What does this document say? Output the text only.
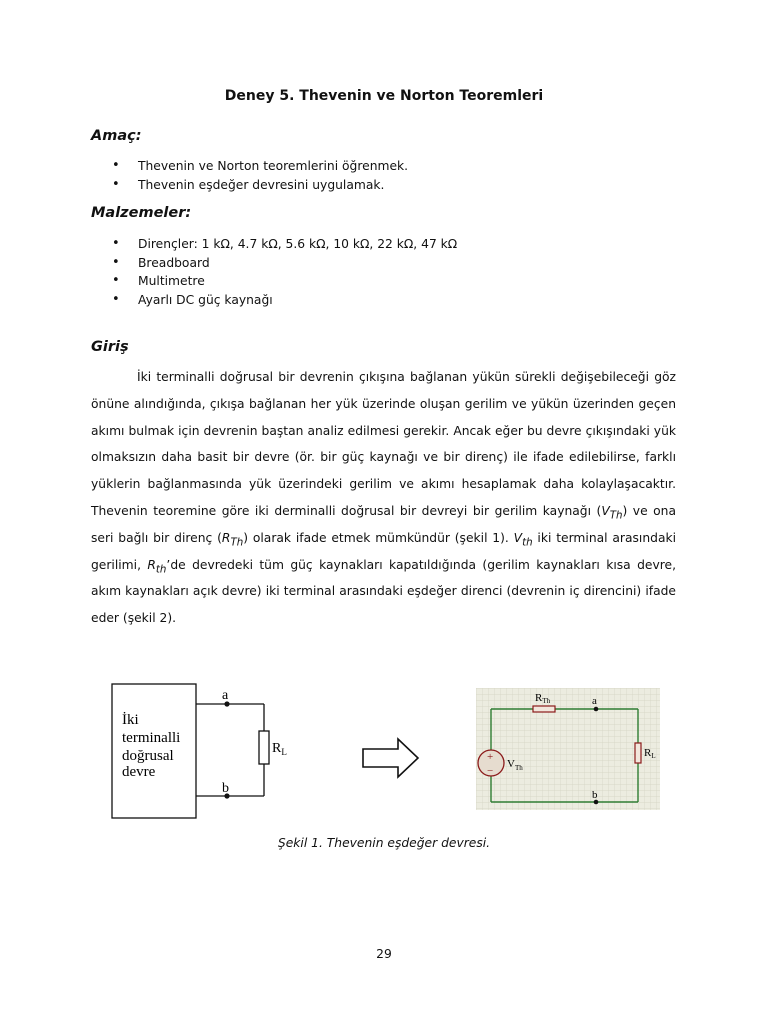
Deney 5. Thevenin ve Norton Teoremleri
Amaç:
• Thevenin ve Norton teoremlerini öğrenmek.
• Thevenin eşdeğer devresini uygulamak.
Malzemeler:
• Dirençler: 1 kΩ, 4.7 kΩ, 5.6 kΩ, 10 kΩ, 22 kΩ, 47 kΩ
• Breadboard
• Multimetre
• Ayarlı DC güç kaynağı
Giriş
İki terminalli doğrusal bir devrenin çıkışına bağlanan yükün sürekli değişebileceği göz
önüne alındığında, çıkışa bağlanan her yük üzerinde oluşan gerilim ve yükün üzerinden geçen
akımı bulmak için devrenin baştan analiz edilmesi gerekir. Ancak eğer bu devre çıkışındaki yük
olmaksızın daha basit bir devre (ör. bir güç kaynağı ve bir direnç) ile ifade edilebilirse, farklı
yüklerin bağlanmasında yük üzerindeki gerilim ve akımı hesaplamak daha kolaylaşacaktır.
Thevenin teoremine göre iki derminalli doğrusal bir devreyi bir gerilim kaynağı $(V_{Th})$ ve ona
seri bağlı bir direnç $(R_{Th})$ olarak ifade etmek mümkündür (şekil 1). $V_{th}$ iki terminal arasındaki
gerilimi, $R_{th}’de$ devredeki tüm güç kaynakları kapatıldığında (gerilim kaynakları kısa devre,
akım kaynakları açık devre) iki terminal arasındaki eşdeğer direnci (devrenin iç direncini) ifade
eder (şekil 2).
İki
terminalli
doğrusal
devre
a
b
$R_L$	+
−
a
b
RTh
$V_{Th}$
RL
Şekil 1. Thevenin eşdeğer devresi.
29
